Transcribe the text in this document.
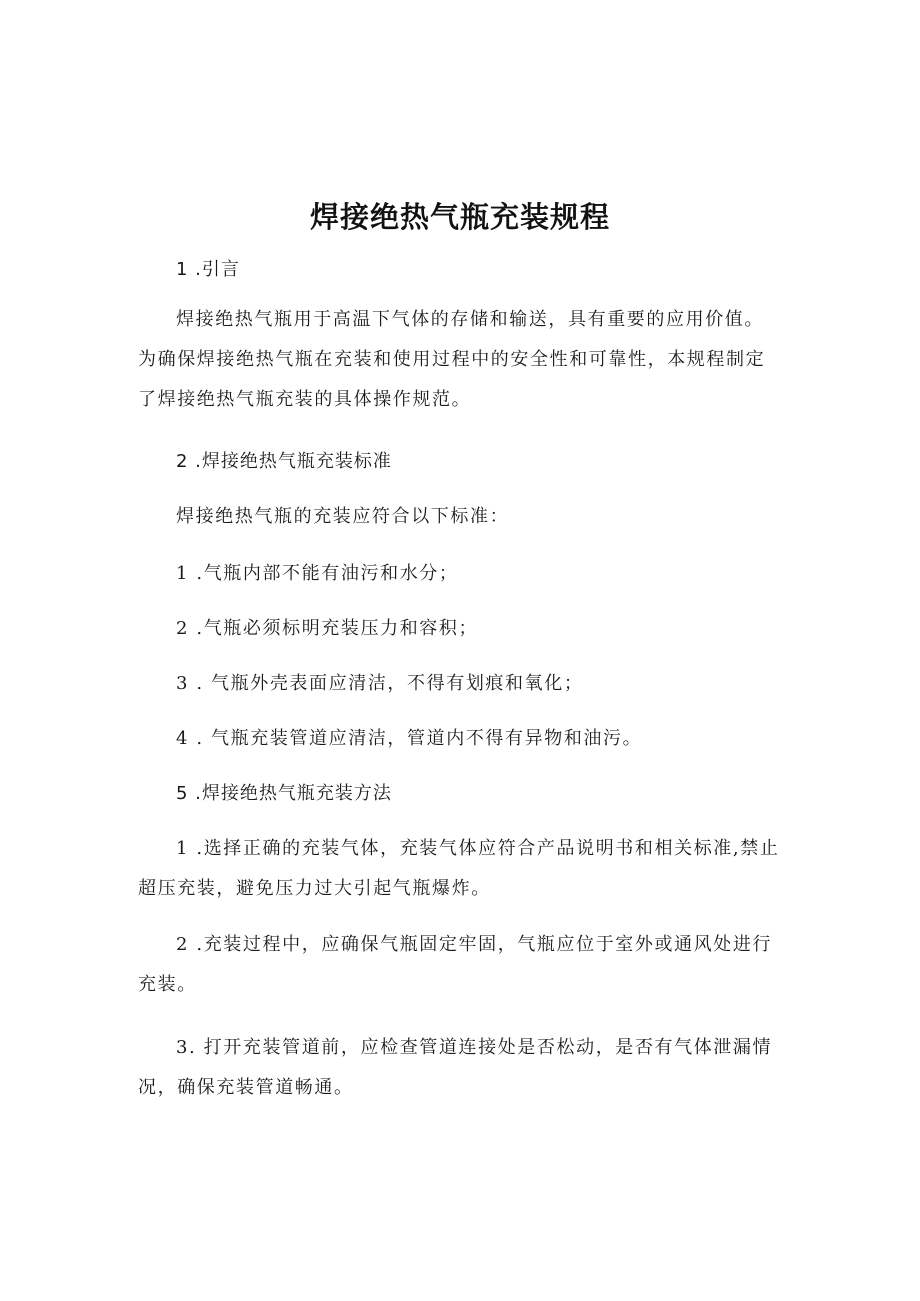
焊接绝热气瓶充装规程

1 .引言

焊接绝热气瓶用于高温下气体的存储和输送，具有重要的应用价值。

为确保焊接绝热气瓶在充装和使用过程中的安全性和可靠性，本规程制定

了焊接绝热气瓶充装的具体操作规范。

2 .焊接绝热气瓶充装标准

焊接绝热气瓶的充装应符合以下标准：

1 .气瓶内部不能有油污和水分；

2 .气瓶必须标明充装压力和容积；

3 . 气瓶外壳表面应清洁，不得有划痕和氧化；

4 . 气瓶充装管道应清洁，管道内不得有异物和油污。

5 .焊接绝热气瓶充装方法

1 .选择正确的充装气体，充装气体应符合产品说明书和相关标准,禁止

超压充装，避免压力过大引起气瓶爆炸。

2 .充装过程中，应确保气瓶固定牢固，气瓶应位于室外或通风处进行

充装。

3. 打开充装管道前，应检查管道连接处是否松动，是否有气体泄漏情

况，确保充装管道畅通。
